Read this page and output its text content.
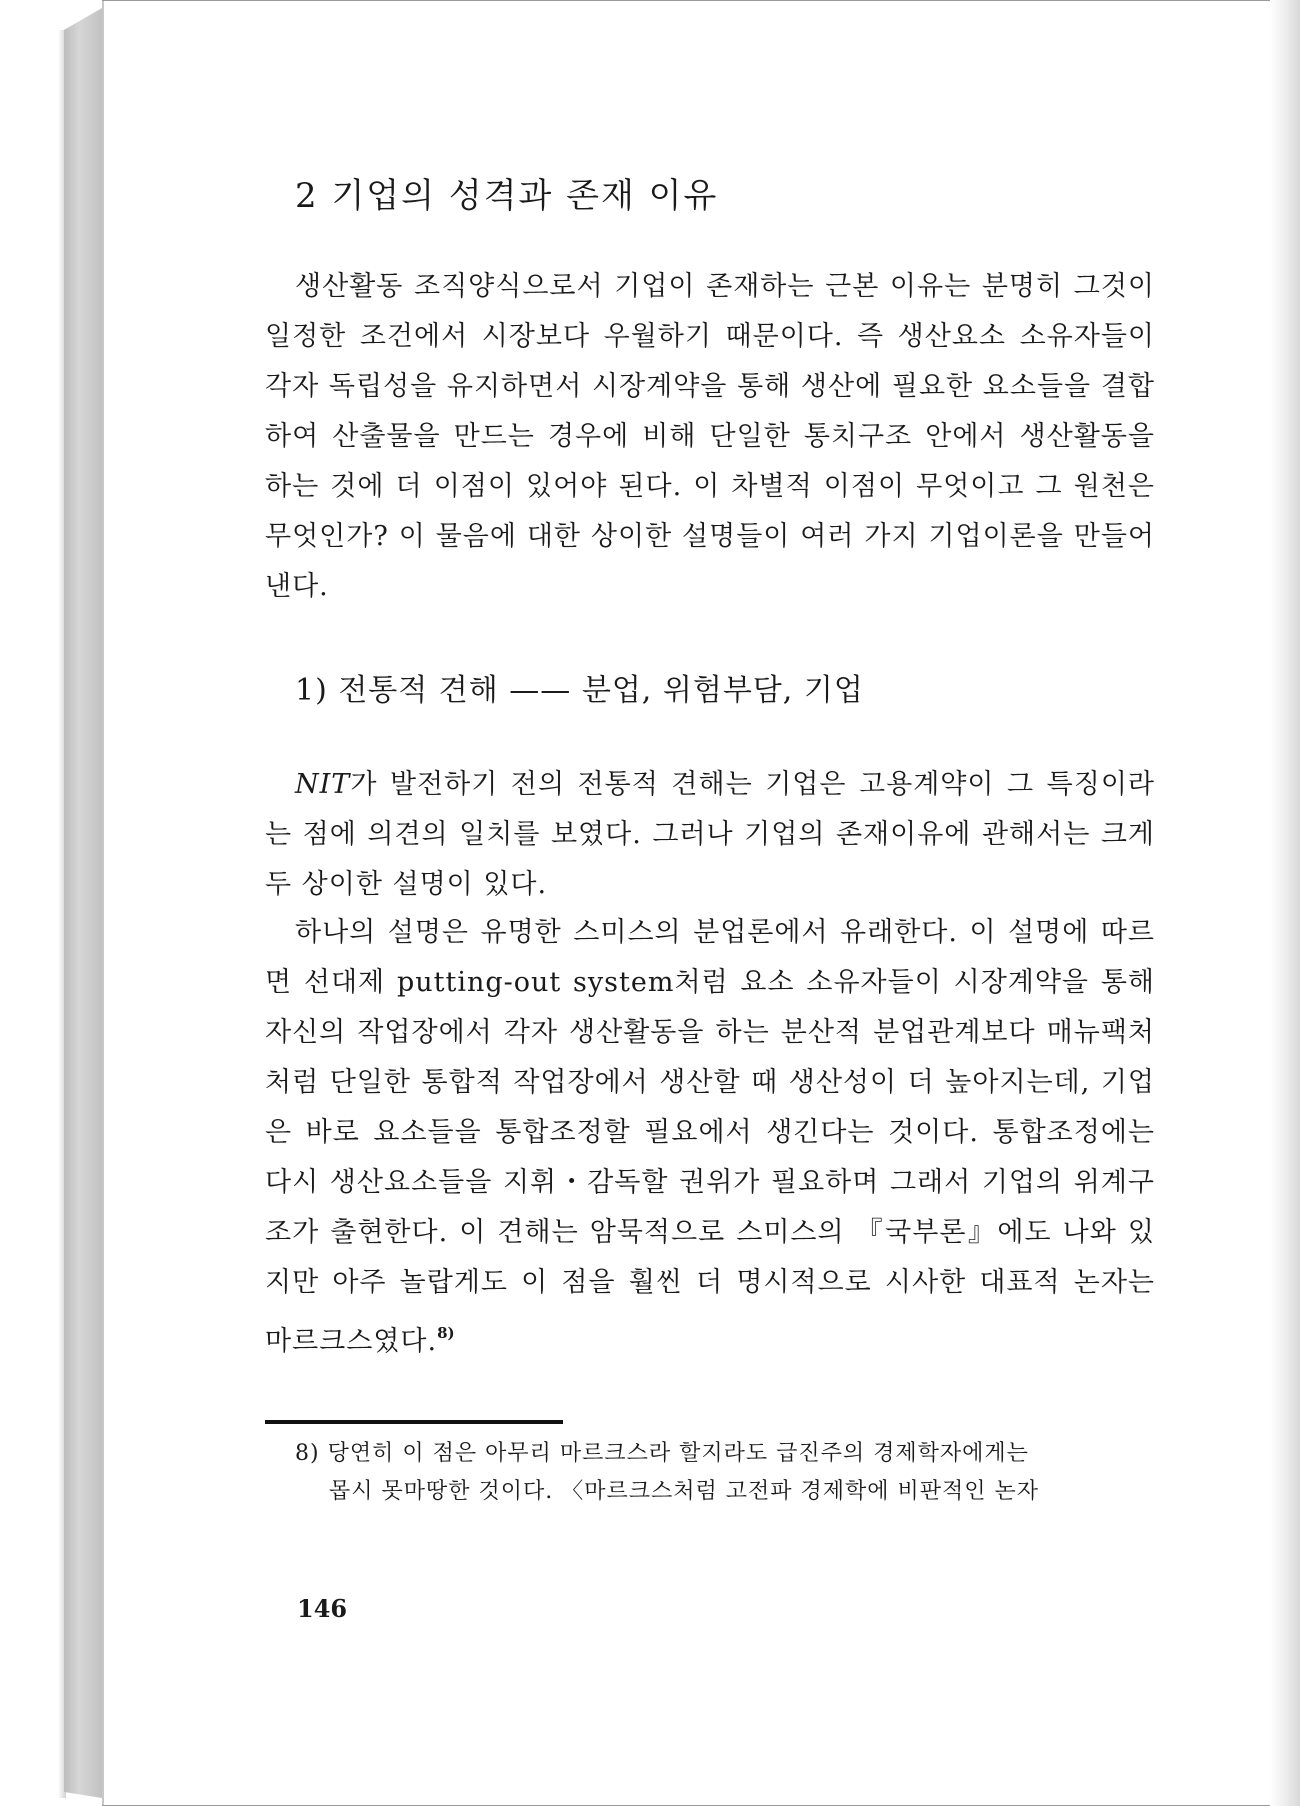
2 기업의 성격과 존재 이유

생산활동 조직양식으로서 기업이 존재하는 근본 이유는 분명히 그것이 일정한 조건에서 시장보다 우월하기 때문이다. 즉 생산요소 소유자들이 각자 독립성을 유지하면서 시장계약을 통해 생산에 필요한 요소들을 결합하여 산출물을 만드는 경우에 비해 단일한 통치구조 안에서 생산활동을 하는 것에 더 이점이 있어야 된다. 이 차별적 이점이 무엇이고 그 원천은 무엇인가? 이 물음에 대한 상이한 설명들이 여러 가지 기업이론을 만들어낸다.

1) 전통적 견해 —— 분업, 위험부담, 기업

NIT가 발전하기 전의 전통적 견해는 기업은 고용계약이 그 특징이라는 점에 의견의 일치를 보였다. 그러나 기업의 존재이유에 관해서는 크게 두 상이한 설명이 있다.

하나의 설명은 유명한 스미스의 분업론에서 유래한다. 이 설명에 따르면 선대제 putting-out system처럼 요소 소유자들이 시장계약을 통해 자신의 작업장에서 각자 생산활동을 하는 분산적 분업관계보다 매뉴팩처처럼 단일한 통합적 작업장에서 생산할 때 생산성이 더 높아지는데, 기업은 바로 요소들을 통합조정할 필요에서 생긴다는 것이다. 통합조정에는 다시 생산요소들을 지휘・감독할 권위가 필요하며 그래서 기업의 위계구조가 출현한다. 이 견해는 암묵적으로 스미스의 『국부론』에도 나와 있지만 아주 놀랍게도 이 점을 훨씬 더 명시적으로 시사한 대표적 논자는 마르크스였다.$^{8)}$

8) 당연히 이 점은 아무리 마르크스라 할지라도 급진주의 경제학자에게는
몹시 못마땅한 것이다. 〈마르크스처럼 고전파 경제학에 비판적인 논자

146
